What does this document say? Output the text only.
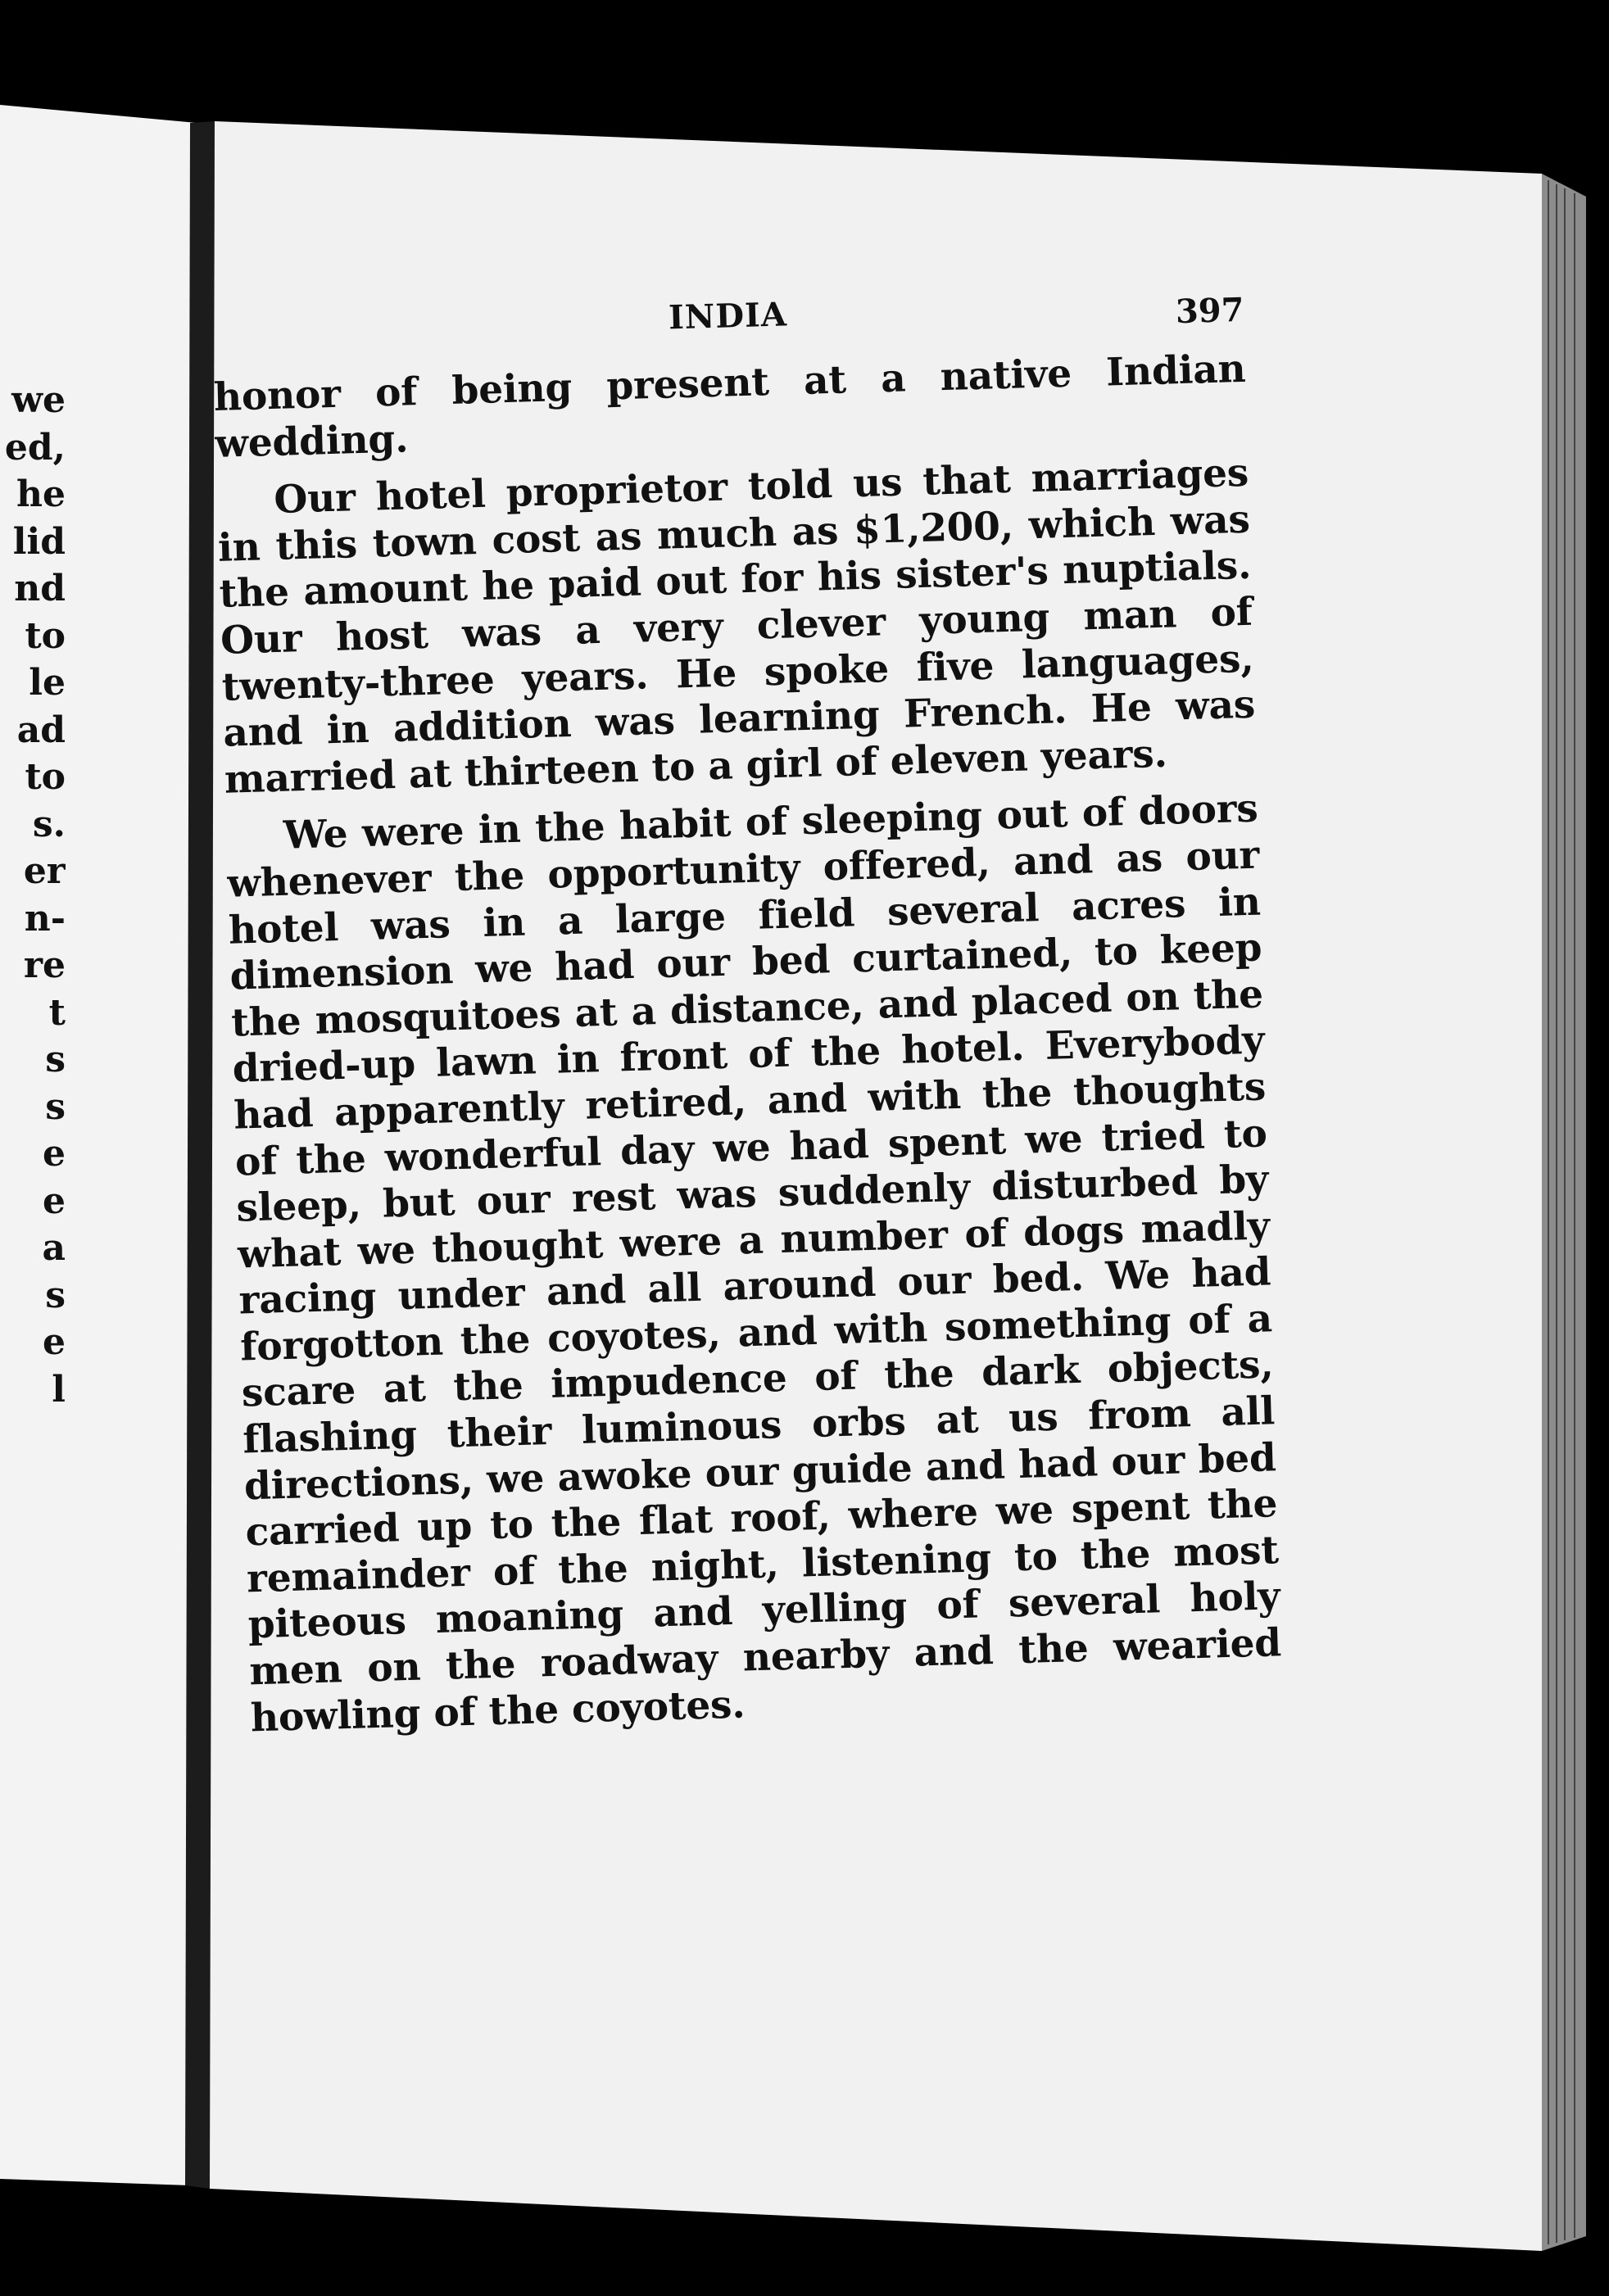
we
ed,
he
lid
nd
to
le
ad
to
s.
er
n-
re
t
s
s
e
e
a
s
e
l
INDIA	397

honor of being present at a native Indian wedding.

Our hotel proprietor told us that marriages in this town cost as much as $1,200, which was the amount he paid out for his sister's nuptials. Our host was a very clever young man of twenty-three years. He spoke five languages, and in addition was learning French. He was married at thirteen to a girl of eleven years.

We were in the habit of sleeping out of doors whenever the opportunity offered, and as our hotel was in a large field several acres in dimension we had our bed curtained, to keep the mosquitoes at a distance, and placed on the dried-up lawn in front of the hotel. Everybody had apparently retired, and with the thoughts of the wonderful day we had spent we tried to sleep, but our rest was suddenly disturbed by what we thought were a number of dogs madly racing under and all around our bed. We had forgotton the coyotes, and with something of a scare at the impudence of the dark objects, flashing their luminous orbs at us from all directions, we awoke our guide and had our bed carried up to the flat roof, where we spent the remainder of the night, listening to the most piteous moaning and yelling of several holy men on the roadway nearby and the wearied howling of the coyotes.
